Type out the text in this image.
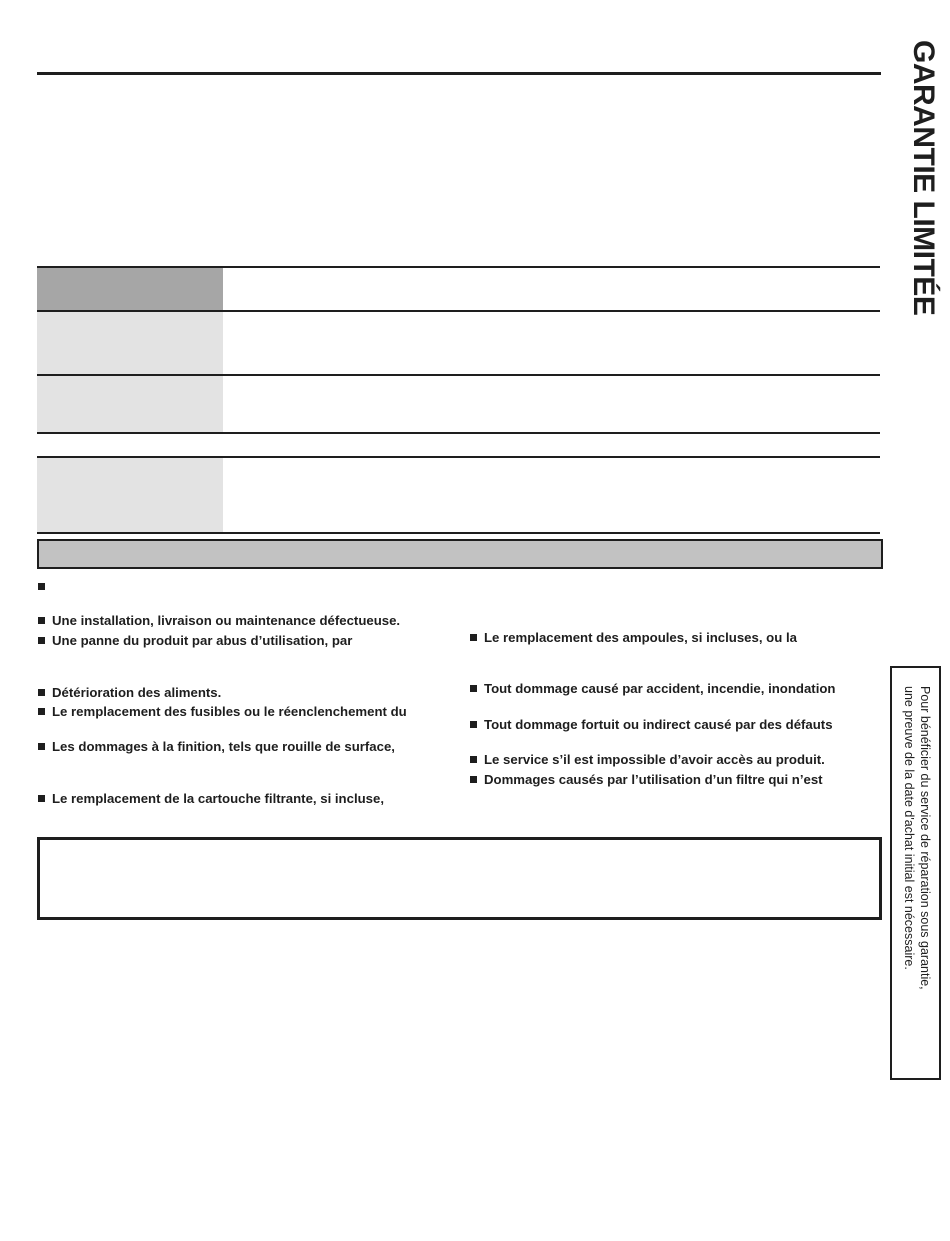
Une installation, livraison ou maintenance défectueuse.
Une panne du produit par abus d’utilisation, par
Détérioration des aliments.
Le remplacement des fusibles ou le réenclenchement du
Les dommages à la finition, tels que rouille de surface,
Le remplacement de la cartouche filtrante, si incluse,
Le remplacement des ampoules, si incluses, ou la
Tout dommage causé par accident, incendie, inondation
Tout dommage fortuit ou indirect causé par des défauts
Le service s’il est impossible d’avoir accès au produit.
Dommages causés par l’utilisation d’un filtre qui n’est
GARANTIE LIMITÉE
Pour bénéficier du service de réparation sous garantie,
une preuve de la date d'achat initial est nécessaire.
